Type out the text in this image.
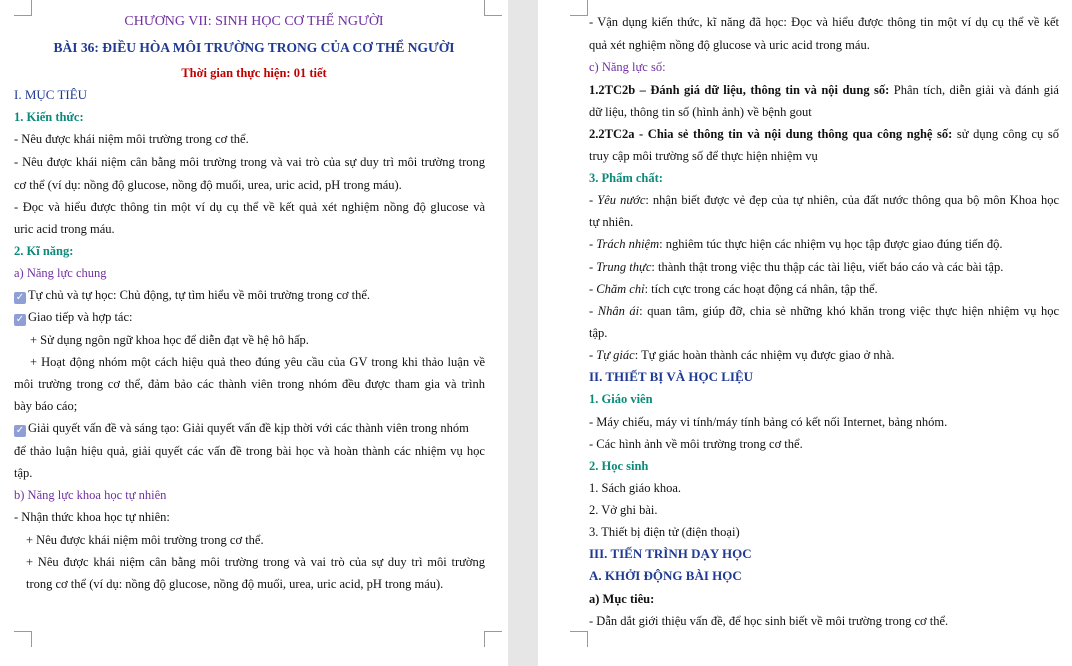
CHƯƠNG VII: SINH HỌC CƠ THỂ NGƯỜI
BÀI 36: ĐIỀU HÒA MÔI TRƯỜNG TRONG CỦA CƠ THỂ NGƯỜI
Thời gian thực hiện: 01 tiết
I. MỤC TIÊU
1. Kiến thức:
- Nêu được khái niệm môi trường trong cơ thể.
- Nêu được khái niệm cân bằng môi trường trong và vai trò của sự duy trì môi trường trong
cơ thể (ví dụ: nồng độ glucose, nồng độ muối, urea, uric acid, pH trong máu).
- Đọc và hiểu được thông tin một ví dụ cụ thể về kết quả xét nghiệm nồng độ glucose và
uric acid trong máu.
2. Kĩ năng:
a) Năng lực chung
✓ Tự chủ và tự học: Chủ động, tự tìm hiểu về môi trường trong cơ thể.
✓ Giao tiếp và hợp tác:
+ Sử dụng ngôn ngữ khoa học để diễn đạt về hệ hô hấp.
+ Hoạt động nhóm một cách hiệu quả theo đúng yêu cầu của GV trong khi thảo luận về
môi trường trong cơ thể, đảm bảo các thành viên trong nhóm đều được tham gia và trình
bày báo cáo;
✓ Giải quyết vấn đề và sáng tạo: Giải quyết vấn đề kịp thời với các thành viên trong nhóm
để thảo luận hiệu quả, giải quyết các vấn đề trong bài học và hoàn thành các nhiệm vụ học
tập.
b) Năng lực khoa học tự nhiên
- Nhận thức khoa học tự nhiên:
+ Nêu được khái niệm môi trường trong cơ thể.
+ Nêu được khái niệm cân bằng môi trường trong và vai trò của sự duy trì môi trường
trong cơ thể (ví dụ: nồng độ glucose, nồng độ muối, urea, uric acid, pH trong máu).
- Vận dụng kiến thức, kĩ năng đã học: Đọc và hiểu được thông tin một ví dụ cụ thể về kết
quả xét nghiệm nồng độ glucose và uric acid trong máu.
c) Năng lực số:
1.2TC2b – Đánh giá dữ liệu, thông tin và nội dung số: Phân tích, diễn giải và đánh giá
dữ liệu, thông tin số (hình ảnh) về bệnh gout
2.2TC2a - Chia sẻ thông tin và nội dung thông qua công nghệ số: sử dụng công cụ số
truy cập môi trường số để thực hiện nhiệm vụ
3. Phẩm chất:
- Yêu nước: nhận biết được vẻ đẹp của tự nhiên, của đất nước thông qua bộ môn Khoa học
tự nhiên.
- Trách nhiệm: nghiêm túc thực hiện các nhiệm vụ học tập được giao đúng tiến độ.
- Trung thực: thành thật trong việc thu thập các tài liệu, viết báo cáo và các bài tập.
- Chăm chỉ: tích cực trong các hoạt động cá nhân, tập thể.
- Nhân ái: quan tâm, giúp đỡ, chia sẻ những khó khăn trong việc thực hiện nhiệm vụ học
tập.
- Tự giác: Tự giác hoàn thành các nhiệm vụ được giao ở nhà.
II. THIẾT BỊ VÀ HỌC LIỆU
1. Giáo viên
- Máy chiếu, máy vi tính/máy tính bảng có kết nối Internet, bảng nhóm.
- Các hình ảnh về môi trường trong cơ thể.
2. Học sinh
1. Sách giáo khoa.
2. Vở ghi bài.
3. Thiết bị điện tử (điện thoại)
III. TIẾN TRÌNH DẠY HỌC
A. KHỞI ĐỘNG BÀI HỌC
a) Mục tiêu:
- Dẫn dắt giới thiệu vấn đề, để học sinh biết về môi trường trong cơ thể.
